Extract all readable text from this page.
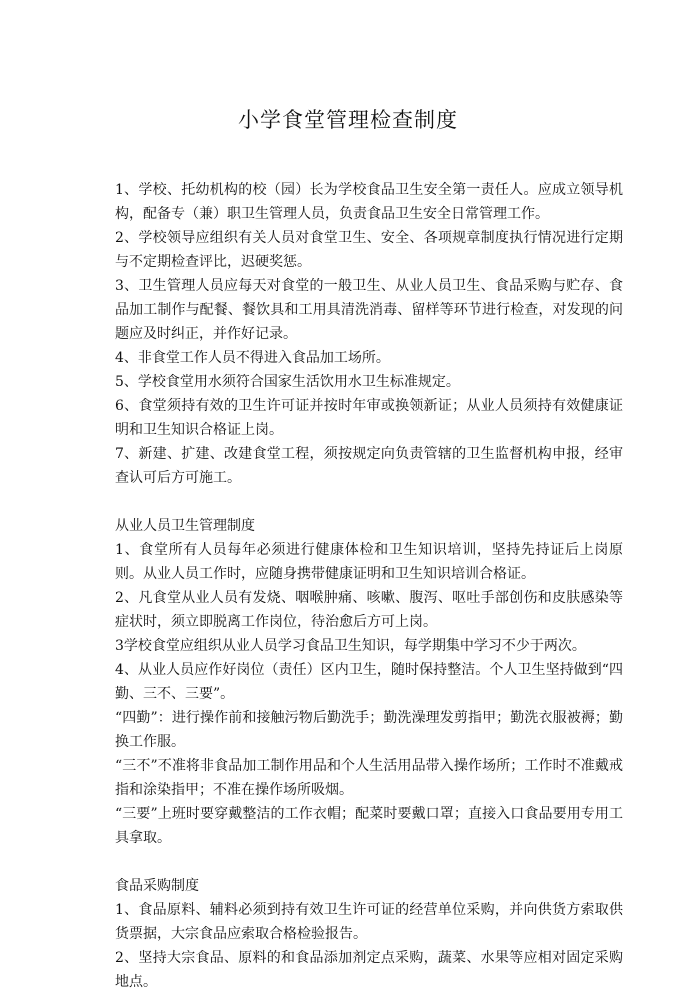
小学食堂管理检查制度

1、学校、托幼机构的校（园）长为学校食品卫生安全第一责任人。应成立领导机构，配备专（兼）职卫生管理人员，负责食品卫生安全日常管理工作。

2、学校领导应组织有关人员对食堂卫生、安全、各项规章制度执行情况进行定期与不定期检查评比，迟硬奖惩。

3、卫生管理人员应每天对食堂的一般卫生、从业人员卫生、食品采购与贮存、食品加工制作与配餐、餐饮具和工用具清洗消毒、留样等环节进行检查，对发现的问题应及时纠正，并作好记录。

4、非食堂工作人员不得进入食品加工场所。

5、学校食堂用水须符合国家生活饮用水卫生标准规定。

6、食堂须持有效的卫生许可证并按时年审或换领新证；从业人员须持有效健康证明和卫生知识合格证上岗。

7、新建、扩建、改建食堂工程，须按规定向负责管辖的卫生监督机构申报，经审查认可后方可施工。

从业人员卫生管理制度

1、食堂所有人员每年必须进行健康体检和卫生知识培训，坚持先持证后上岗原则。从业人员工作时，应随身携带健康证明和卫生知识培训合格证。

2、凡食堂从业人员有发烧、咽喉肿痛、咳嗽、腹泻、呕吐手部创伤和皮肤感染等症状时，须立即脱离工作岗位，待治愈后方可上岗。

3学校食堂应组织从业人员学习食品卫生知识，每学期集中学习不少于两次。

4、从业人员应作好岗位（责任）区内卫生，随时保持整洁。个人卫生坚持做到“四勤、三不、三要”。

“四勤”：进行操作前和接触污物后勤洗手；勤洗澡理发剪指甲；勤洗衣服被褥；勤换工作服。

“三不”不准将非食品加工制作用品和个人生活用品带入操作场所；工作时不准戴戒指和涂染指甲；不准在操作场所吸烟。

“三要”上班时要穿戴整洁的工作衣帽；配菜时要戴口罩；直接入口食品要用专用工具拿取。

食品采购制度

1、食品原料、辅料必须到持有效卫生许可证的经营单位采购，并向供货方索取供货票据，大宗食品应索取合格检验报告。

2、坚持大宗食品、原料的和食品添加剂定点采购，蔬菜、水果等应相对固定采购地点。
